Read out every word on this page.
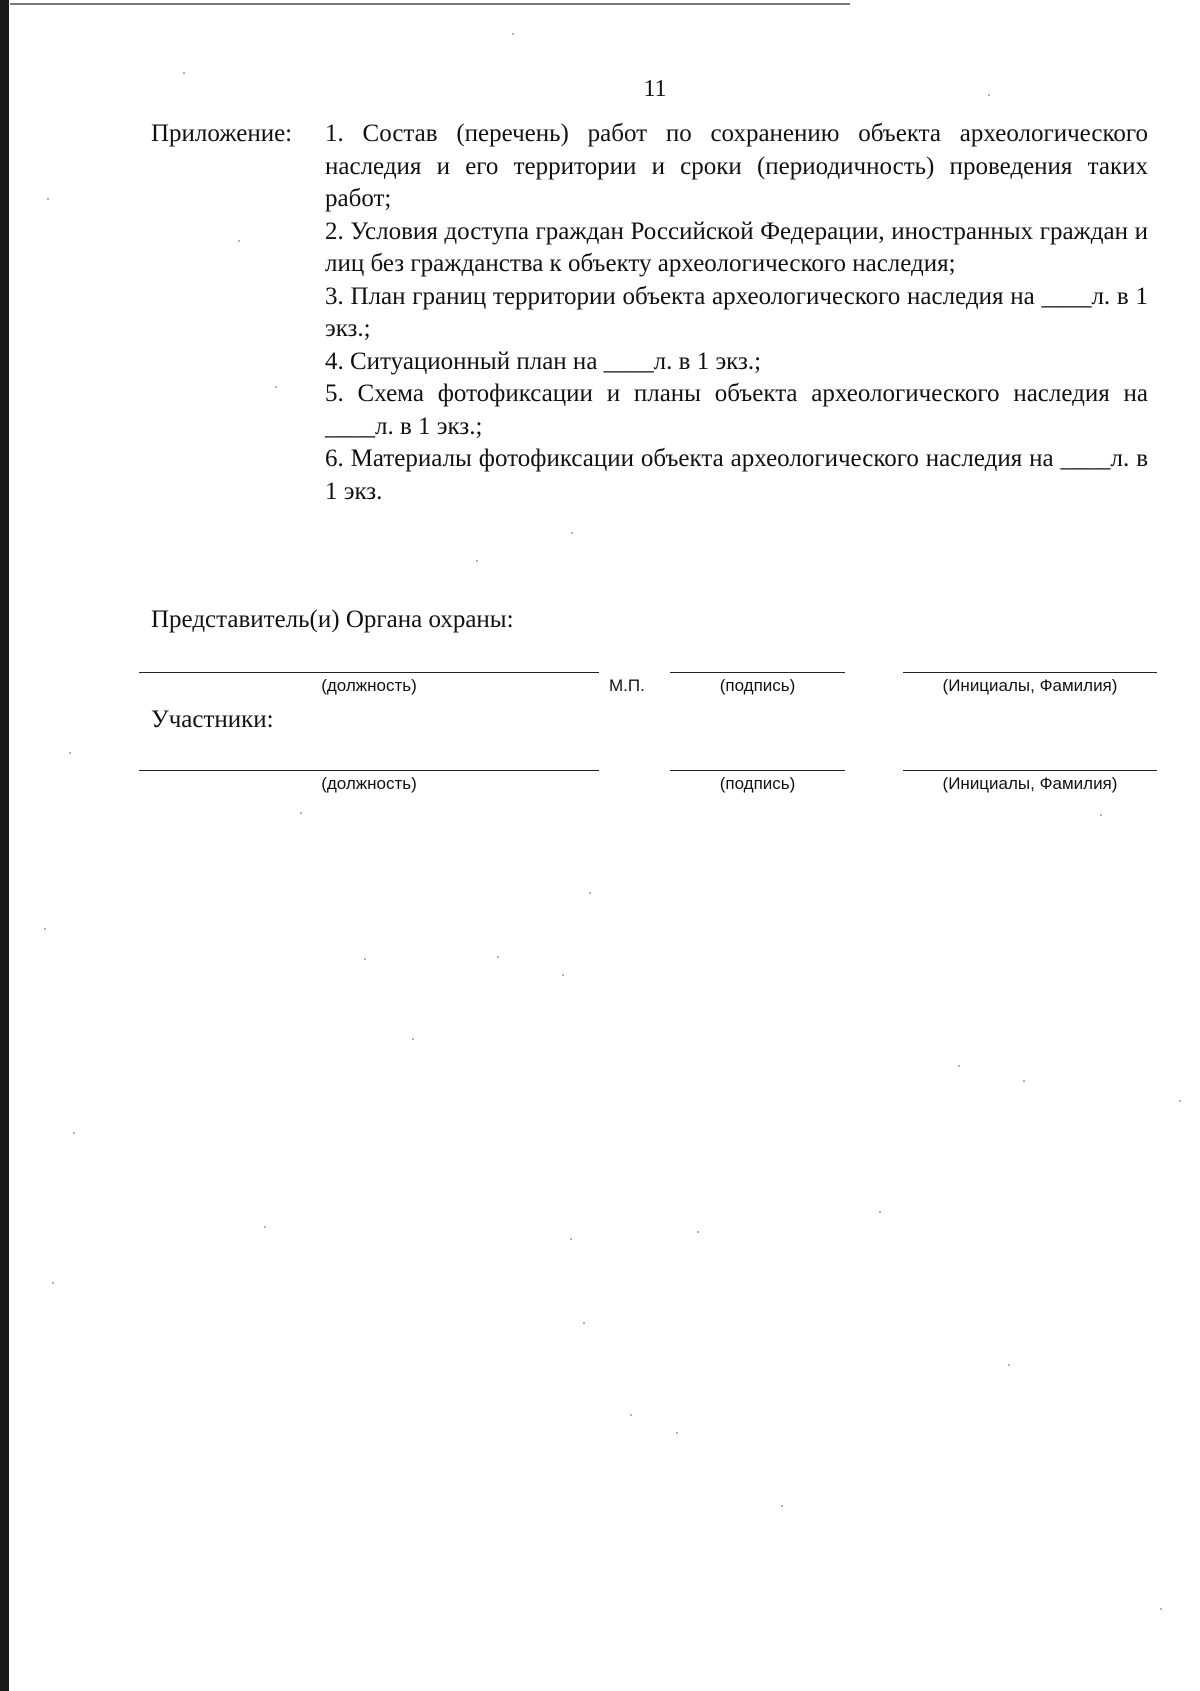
11
Приложение: 1. Состав (перечень) работ по сохранению объекта археологического наследия и его территории и сроки (периодичность) проведения таких работ;
2. Условия доступа граждан Российской Федерации, иностранных граждан и лиц без гражданства к объекту археологического наследия;
3. План границ территории объекта археологического наследия на ____л. в 1 экз.;
4. Ситуационный план на ____л. в 1 экз.;
5. Схема фотофиксации и планы объекта археологического наследия на ____л. в 1 экз.;
6. Материалы фотофиксации объекта археологического наследия на ____л. в 1 экз.
Представитель(и) Органа охраны:
(должность)	М.П.	(подпись)	(Инициалы, Фамилия)
Участники:
(должность)	(подпись)	(Инициалы, Фамилия)
